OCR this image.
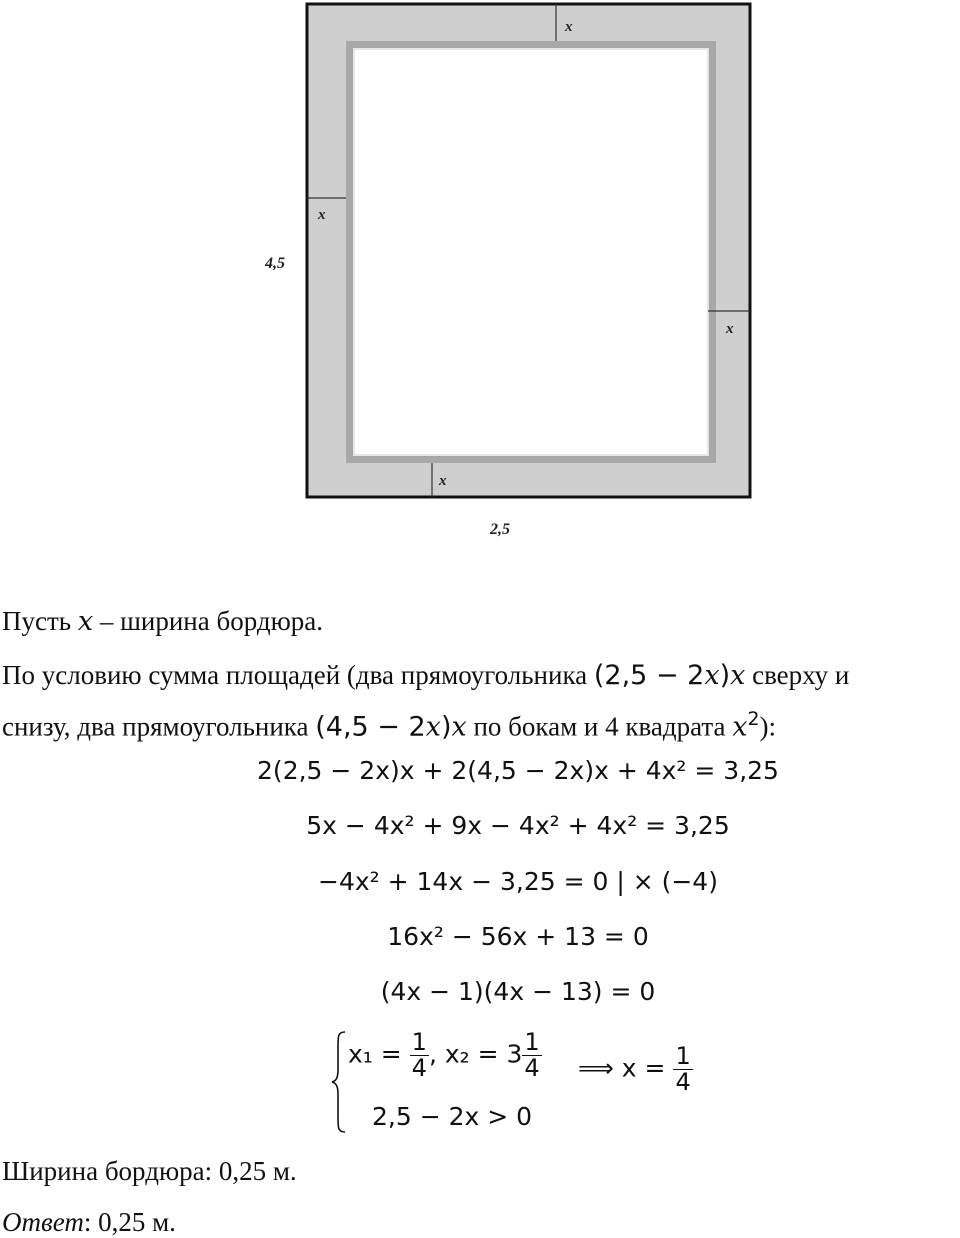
x
x
x
x
4,5
2,5
Пусть x – ширина бордюра.
По условию сумма площадей (два прямоугольника (2,5 − 2x)x сверху и
снизу, два прямоугольника (4,5 − 2x)x по бокам и 4 квадрата $x^2$):
2(2,5 − 2x)x + 2(4,5 − 2x)x + 4x² = 3,25
5x − 4x² + 9x − 4x² + 4x² = 3,25
−4x² + 14x − 3,25 = 0 | × (−4)
16x² − 56x + 13 = 0
(4x − 1)(4x − 13) = 0
$x_1 = \frac{1}{4}$ , $x_2 = 3 \frac{1}{4}$
2,5 − 2x > 0
⟹ $x = \frac{1}{4}$
Ширина бордюра: 0,25 м.
Ответ: 0,25 м.
